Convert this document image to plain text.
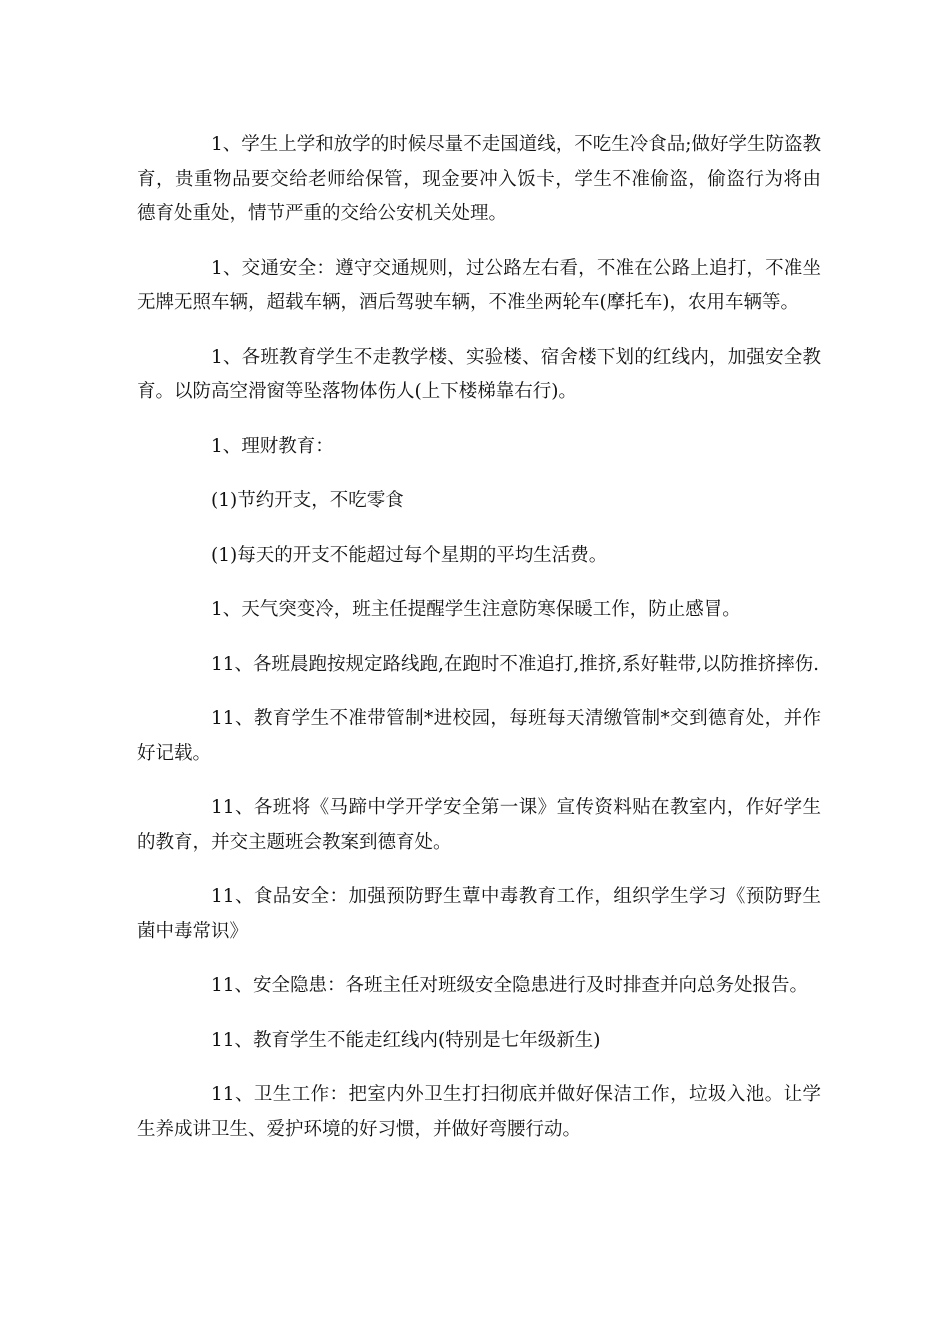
1、学生上学和放学的时候尽量不走国道线，不吃生冷食品;做好学生防盗教育，贵重物品要交给老师给保管，现金要冲入饭卡，学生不准偷盗，偷盗行为将由德育处重处，情节严重的交给公安机关处理。

1、交通安全：遵守交通规则，过公路左右看，不准在公路上追打，不准坐无牌无照车辆，超载车辆，酒后驾驶车辆，不准坐两轮车(摩托车)，农用车辆等。

1、各班教育学生不走教学楼、实验楼、宿舍楼下划的红线内，加强安全教育。以防高空滑窗等坠落物体伤人(上下楼梯靠右行)。

1、理财教育：

(1)节约开支，不吃零食

(1)每天的开支不能超过每个星期的平均生活费。

1、天气突变冷，班主任提醒学生注意防寒保暖工作，防止感冒。

11、各班晨跑按规定路线跑,在跑时不准追打,推挤,系好鞋带,以防推挤摔伤.

11、教育学生不准带管制*进校园，每班每天清缴管制*交到德育处，并作好记载。

11、各班将《马蹄中学开学安全第一课》宣传资料贴在教室内，作好学生的教育，并交主题班会教案到德育处。

11、食品安全：加强预防野生蕈中毒教育工作，组织学生学习《预防野生菌中毒常识》

11、安全隐患：各班主任对班级安全隐患进行及时排查并向总务处报告。

11、教育学生不能走红线内(特别是七年级新生)

11、卫生工作：把室内外卫生打扫彻底并做好保洁工作，垃圾入池。让学生养成讲卫生、爱护环境的好习惯，并做好弯腰行动。
